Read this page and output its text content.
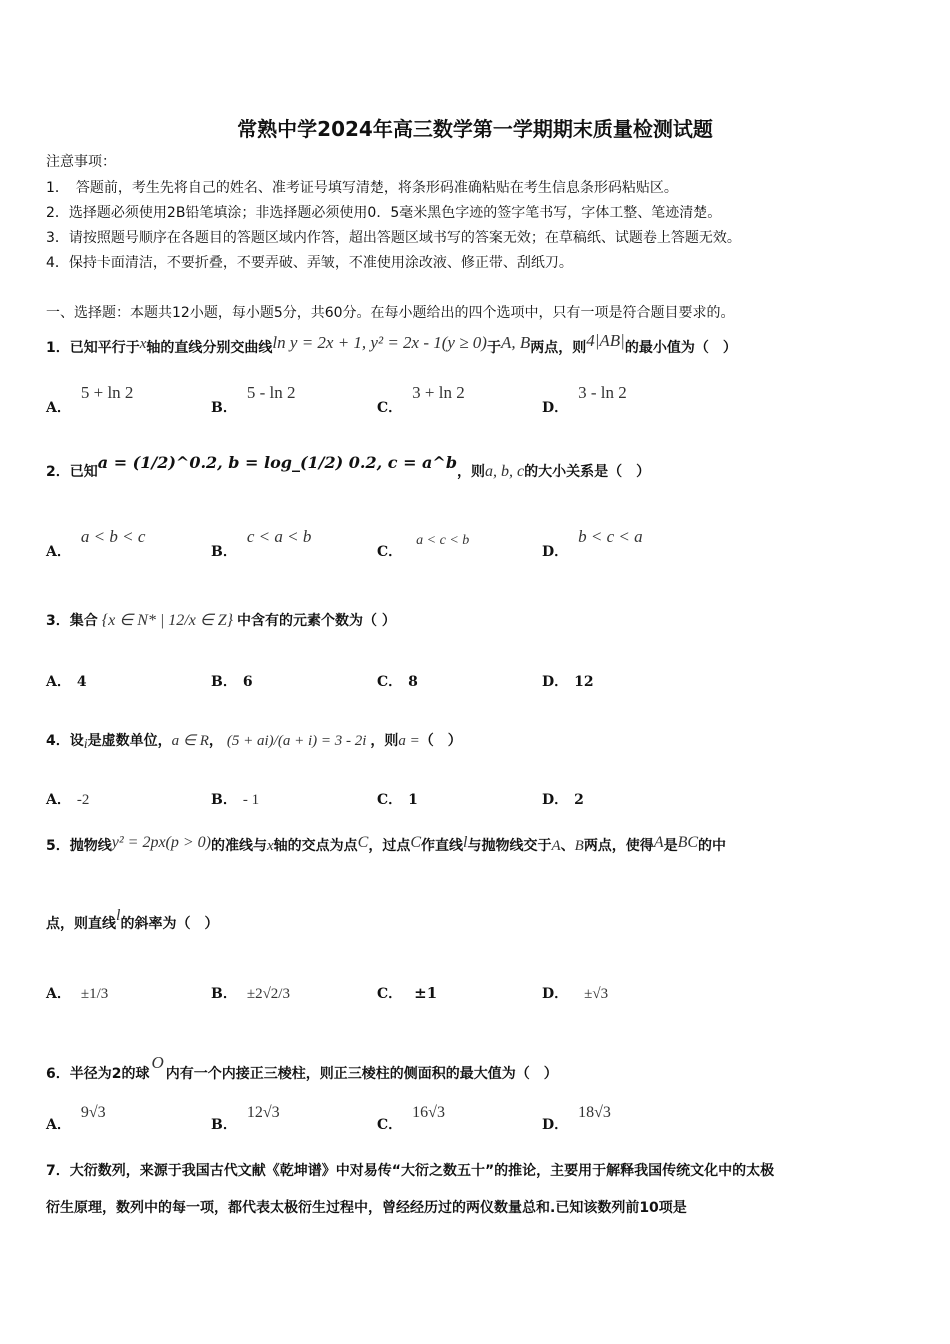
常熟中学2024年高三数学第一学期期末质量检测试题
注意事项：
1．　答题前，考生先将自己的姓名、准考证号填写清楚，将条形码准确粘贴在考生信息条形码粘贴区。
2．选择题必须使用2B铅笔填涂；非选择题必须使用0．5毫米黑色字迹的签字笔书写，字体工整、笔迹清楚。
3．请按照题号顺序在各题目的答题区域内作答，超出答题区域书写的答案无效；在草稿纸、试题卷上答题无效。
4．保持卡面清洁，不要折叠，不要弄破、弄皱，不准使用涂改液、修正带、刮纸刀。
一、选择题：本题共12小题，每小题5分，共60分。在每小题给出的四个选项中，只有一项是符合题目要求的。
1．已知平行于x轴的直线分别交曲线ln y = 2x + 1, y² = 2x - 1(y ≥ 0)于A, B两点，则4|AB|的最小值为（　）
A．5 + ln 2
B．5 - ln 2
C．3 + ln 2
D．3 - ln 2
2．已知a = (1/2)^0.2, b = log_(1/2) 0.2, c = a^b，则a, b, c的大小关系是（　）
A．a < b < c
B．c < a < b
C．a < c < b
D．b < c < a
3．集合 {x ∈ N* | 12/x ∈ Z} 中含有的元素个数为（ ）
A． 4	B． 6	C． 8	D． 12
4．设i是虚数单位，a ∈ R， (5 + ai)/(a + i) = 3 - 2i ，则a =（　）
A． -2	B． - 1	C． 1	D． 2
5．抛物线y² = 2px(p > 0)的准线与x轴的交点为点C，过点C作直线l与抛物线交于A、B两点，使得A是BC的中
点，则直线l的斜率为（　）
A． ±1/3	B． ±2√2/3	C． ±1	D． ±√3
6．半径为2的球O内有一个内接正三棱柱，则正三棱柱的侧面积的最大值为（　）
A．9√3
B．12√3
C．16√3
D．18√3
7．大衍数列，来源于我国古代文献《乾坤谱》中对易传“大衍之数五十”的推论，主要用于解释我国传统文化中的太极
衍生原理，数列中的每一项，都代表太极衍生过程中，曾经经历过的两仪数量总和.已知该数列前10项是
